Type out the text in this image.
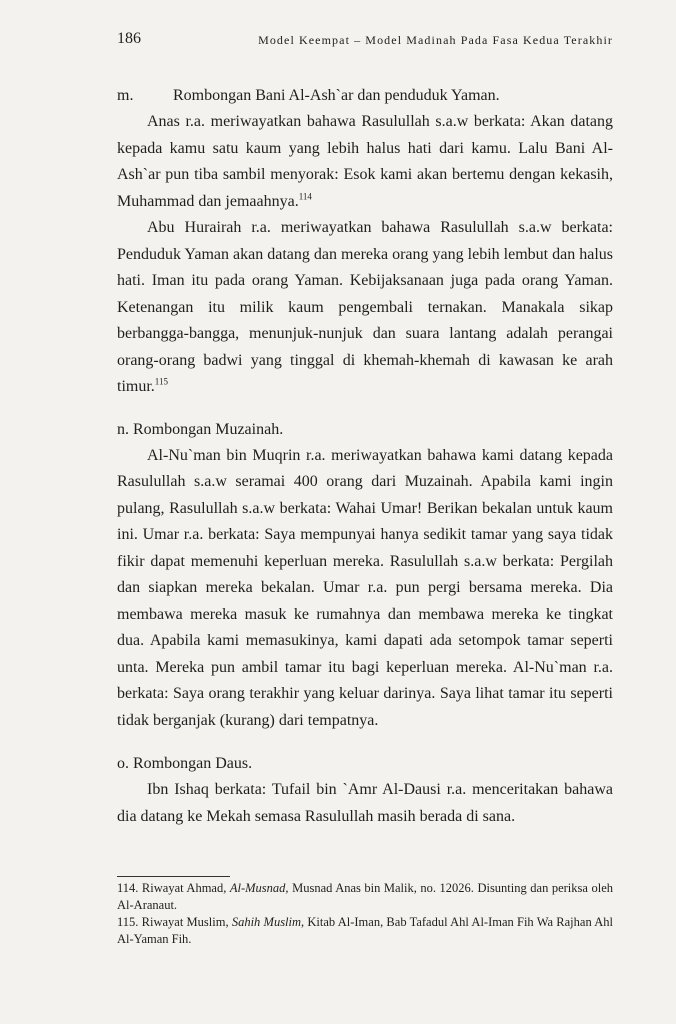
186	Model Keempat – Model Madinah Pada Fasa Kedua Terakhir

m. Rombongan Bani Al-Ash`ar dan penduduk Yaman.

Anas r.a. meriwayatkan bahawa Rasulullah s.a.w berkata: Akan datang kepada kamu satu kaum yang lebih halus hati dari kamu. Lalu Bani Al-Ash`ar pun tiba sambil menyorak: Esok kami akan bertemu dengan kekasih, Muhammad dan jemaahnya.$^{114}$

Abu Hurairah r.a. meriwayatkan bahawa Rasulullah s.a.w berkata: Penduduk Yaman akan datang dan mereka orang yang lebih lembut dan halus hati. Iman itu pada orang Yaman. Kebijaksanaan juga pada orang Yaman. Ketenangan itu milik kaum pengembali ternakan. Manakala sikap berbangga-bangga, menunjuk-nunjuk dan suara lantang adalah perangai orang-orang badwi yang tinggal di khemah-khemah di kawasan ke arah timur.$^{115}$

n. Rombongan Muzainah.

Al-Nu`man bin Muqrin r.a. meriwayatkan bahawa kami datang kepada Rasulullah s.a.w seramai 400 orang dari Muzainah. Apabila kami ingin pulang, Rasulullah s.a.w berkata: Wahai Umar! Berikan bekalan untuk kaum ini. Umar r.a. berkata: Saya mempunyai hanya sedikit tamar yang saya tidak fikir dapat memenuhi keperluan mereka. Rasulullah s.a.w berkata: Pergilah dan siapkan mereka bekalan. Umar r.a. pun pergi bersama mereka. Dia membawa mereka masuk ke rumahnya dan membawa mereka ke tingkat dua. Apabila kami memasukinya, kami dapati ada setompok tamar seperti unta. Mereka pun ambil tamar itu bagi keperluan mereka. Al-Nu`man r.a. berkata: Saya orang terakhir yang keluar darinya. Saya lihat tamar itu seperti tidak berganjak (kurang) dari tempatnya.

o. Rombongan Daus.

Ibn Ishaq berkata: Tufail bin `Amr Al-Dausi r.a. menceritakan bahawa dia datang ke Mekah semasa Rasulullah masih berada di sana.

114. Riwayat Ahmad, Al-Musnad, Musnad Anas bin Malik, no. 12026. Disunting dan periksa oleh Al-Aranaut.

115. Riwayat Muslim, Sahih Muslim, Kitab Al-Iman, Bab Tafadul Ahl Al-Iman Fih Wa Rajhan Ahl Al-Yaman Fih.
